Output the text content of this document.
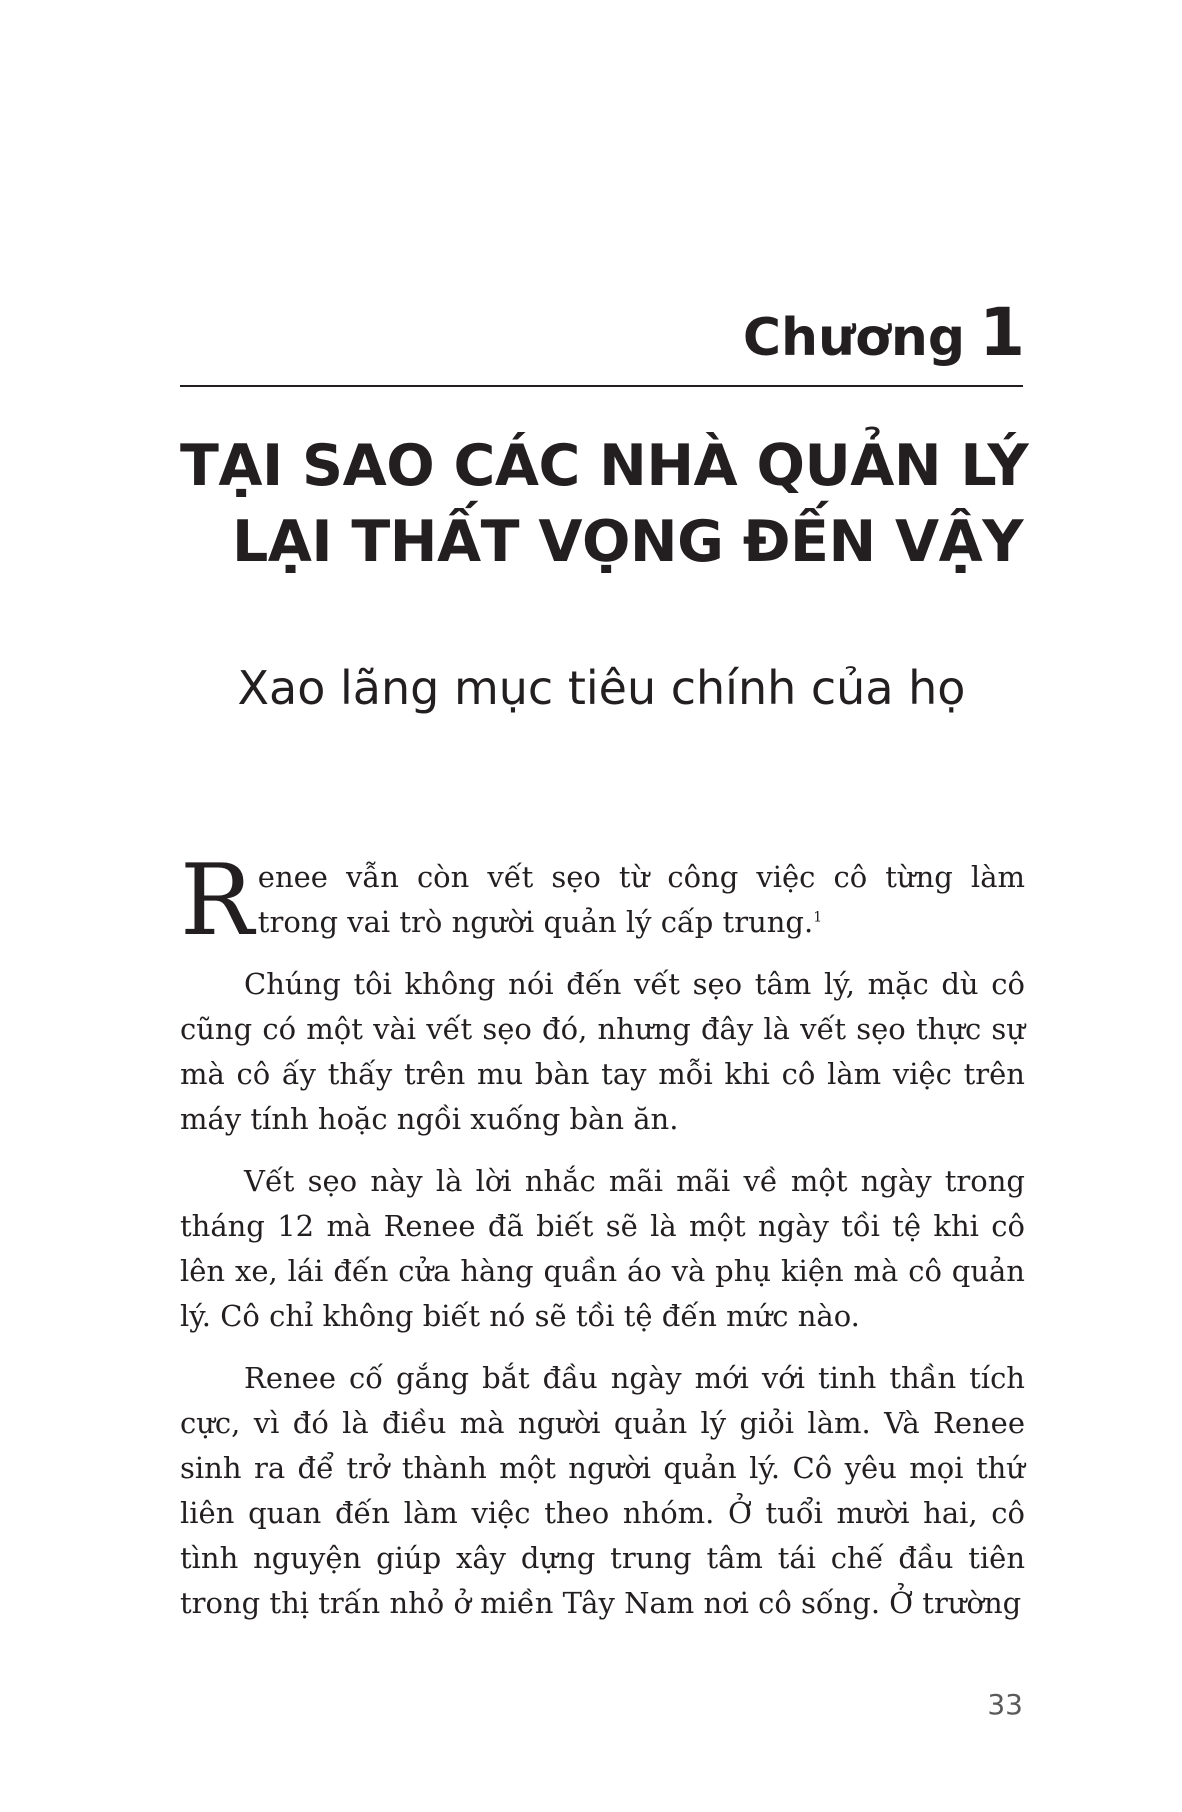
Chương 1
TẠI SAO CÁC NHÀ QUẢN LÝ
LẠI THẤT VỌNG ĐẾN VẬY
Xao lãng mục tiêu chính của họ

Renee vẫn còn vết sẹo từ công việc cô từng làm trong vai trò người quản lý cấp trung.$^1$

Chúng tôi không nói đến vết sẹo tâm lý, mặc dù cô cũng có một vài vết sẹo đó, nhưng đây là vết sẹo thực sự mà cô ấy thấy trên mu bàn tay mỗi khi cô làm việc trên máy tính hoặc ngồi xuống bàn ăn.

Vết sẹo này là lời nhắc mãi mãi về một ngày trong tháng 12 mà Renee đã biết sẽ là một ngày tồi tệ khi cô lên xe, lái đến cửa hàng quần áo và phụ kiện mà cô quản lý. Cô chỉ không biết nó sẽ tồi tệ đến mức nào.

Renee cố gắng bắt đầu ngày mới với tinh thần tích cực, vì đó là điều mà người quản lý giỏi làm. Và Renee sinh ra để trở thành một người quản lý. Cô yêu mọi thứ liên quan đến làm việc theo nhóm. Ở tuổi mười hai, cô tình nguyện giúp xây dựng trung tâm tái chế đầu tiên trong thị trấn nhỏ ở miền Tây Nam nơi cô sống. Ở trường

33
